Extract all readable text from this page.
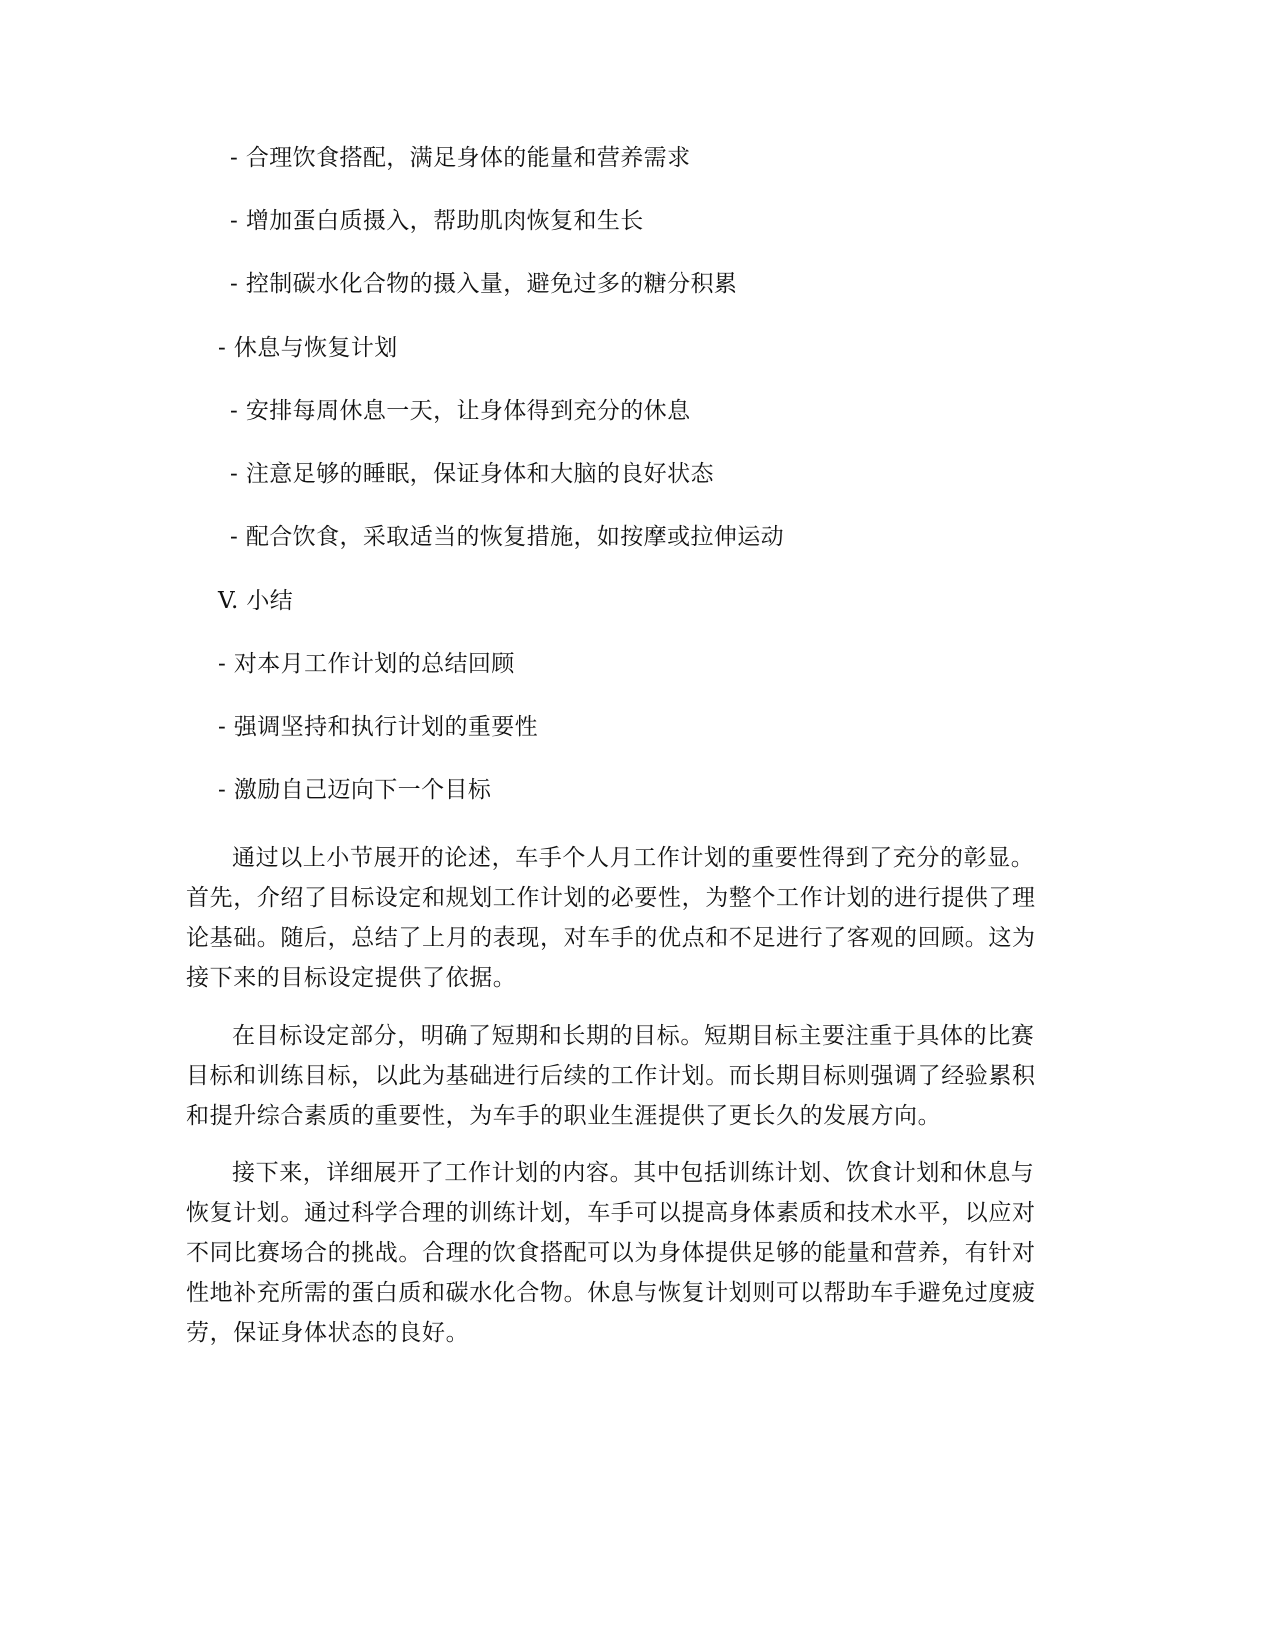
- 合理饮食搭配，满足身体的能量和营养需求
- 增加蛋白质摄入，帮助肌肉恢复和生长
- 控制碳水化合物的摄入量，避免过多的糖分积累
- 休息与恢复计划
- 安排每周休息一天，让身体得到充分的休息
- 注意足够的睡眠，保证身体和大脑的良好状态
- 配合饮食，采取适当的恢复措施，如按摩或拉伸运动
V. 小结
- 对本月工作计划的总结回顾
- 强调坚持和执行计划的重要性
- 激励自己迈向下一个目标
通过以上小节展开的论述，车手个人月工作计划的重要性得到了充分的彰显。
首先，介绍了目标设定和规划工作计划的必要性，为整个工作计划的进行提供了理
论基础。随后，总结了上月的表现，对车手的优点和不足进行了客观的回顾。这为
接下来的目标设定提供了依据。
在目标设定部分，明确了短期和长期的目标。短期目标主要注重于具体的比赛
目标和训练目标，以此为基础进行后续的工作计划。而长期目标则强调了经验累积
和提升综合素质的重要性，为车手的职业生涯提供了更长久的发展方向。
接下来，详细展开了工作计划的内容。其中包括训练计划、饮食计划和休息与
恢复计划。通过科学合理的训练计划，车手可以提高身体素质和技术水平，以应对
不同比赛场合的挑战。合理的饮食搭配可以为身体提供足够的能量和营养，有针对
性地补充所需的蛋白质和碳水化合物。休息与恢复计划则可以帮助车手避免过度疲
劳，保证身体状态的良好。
